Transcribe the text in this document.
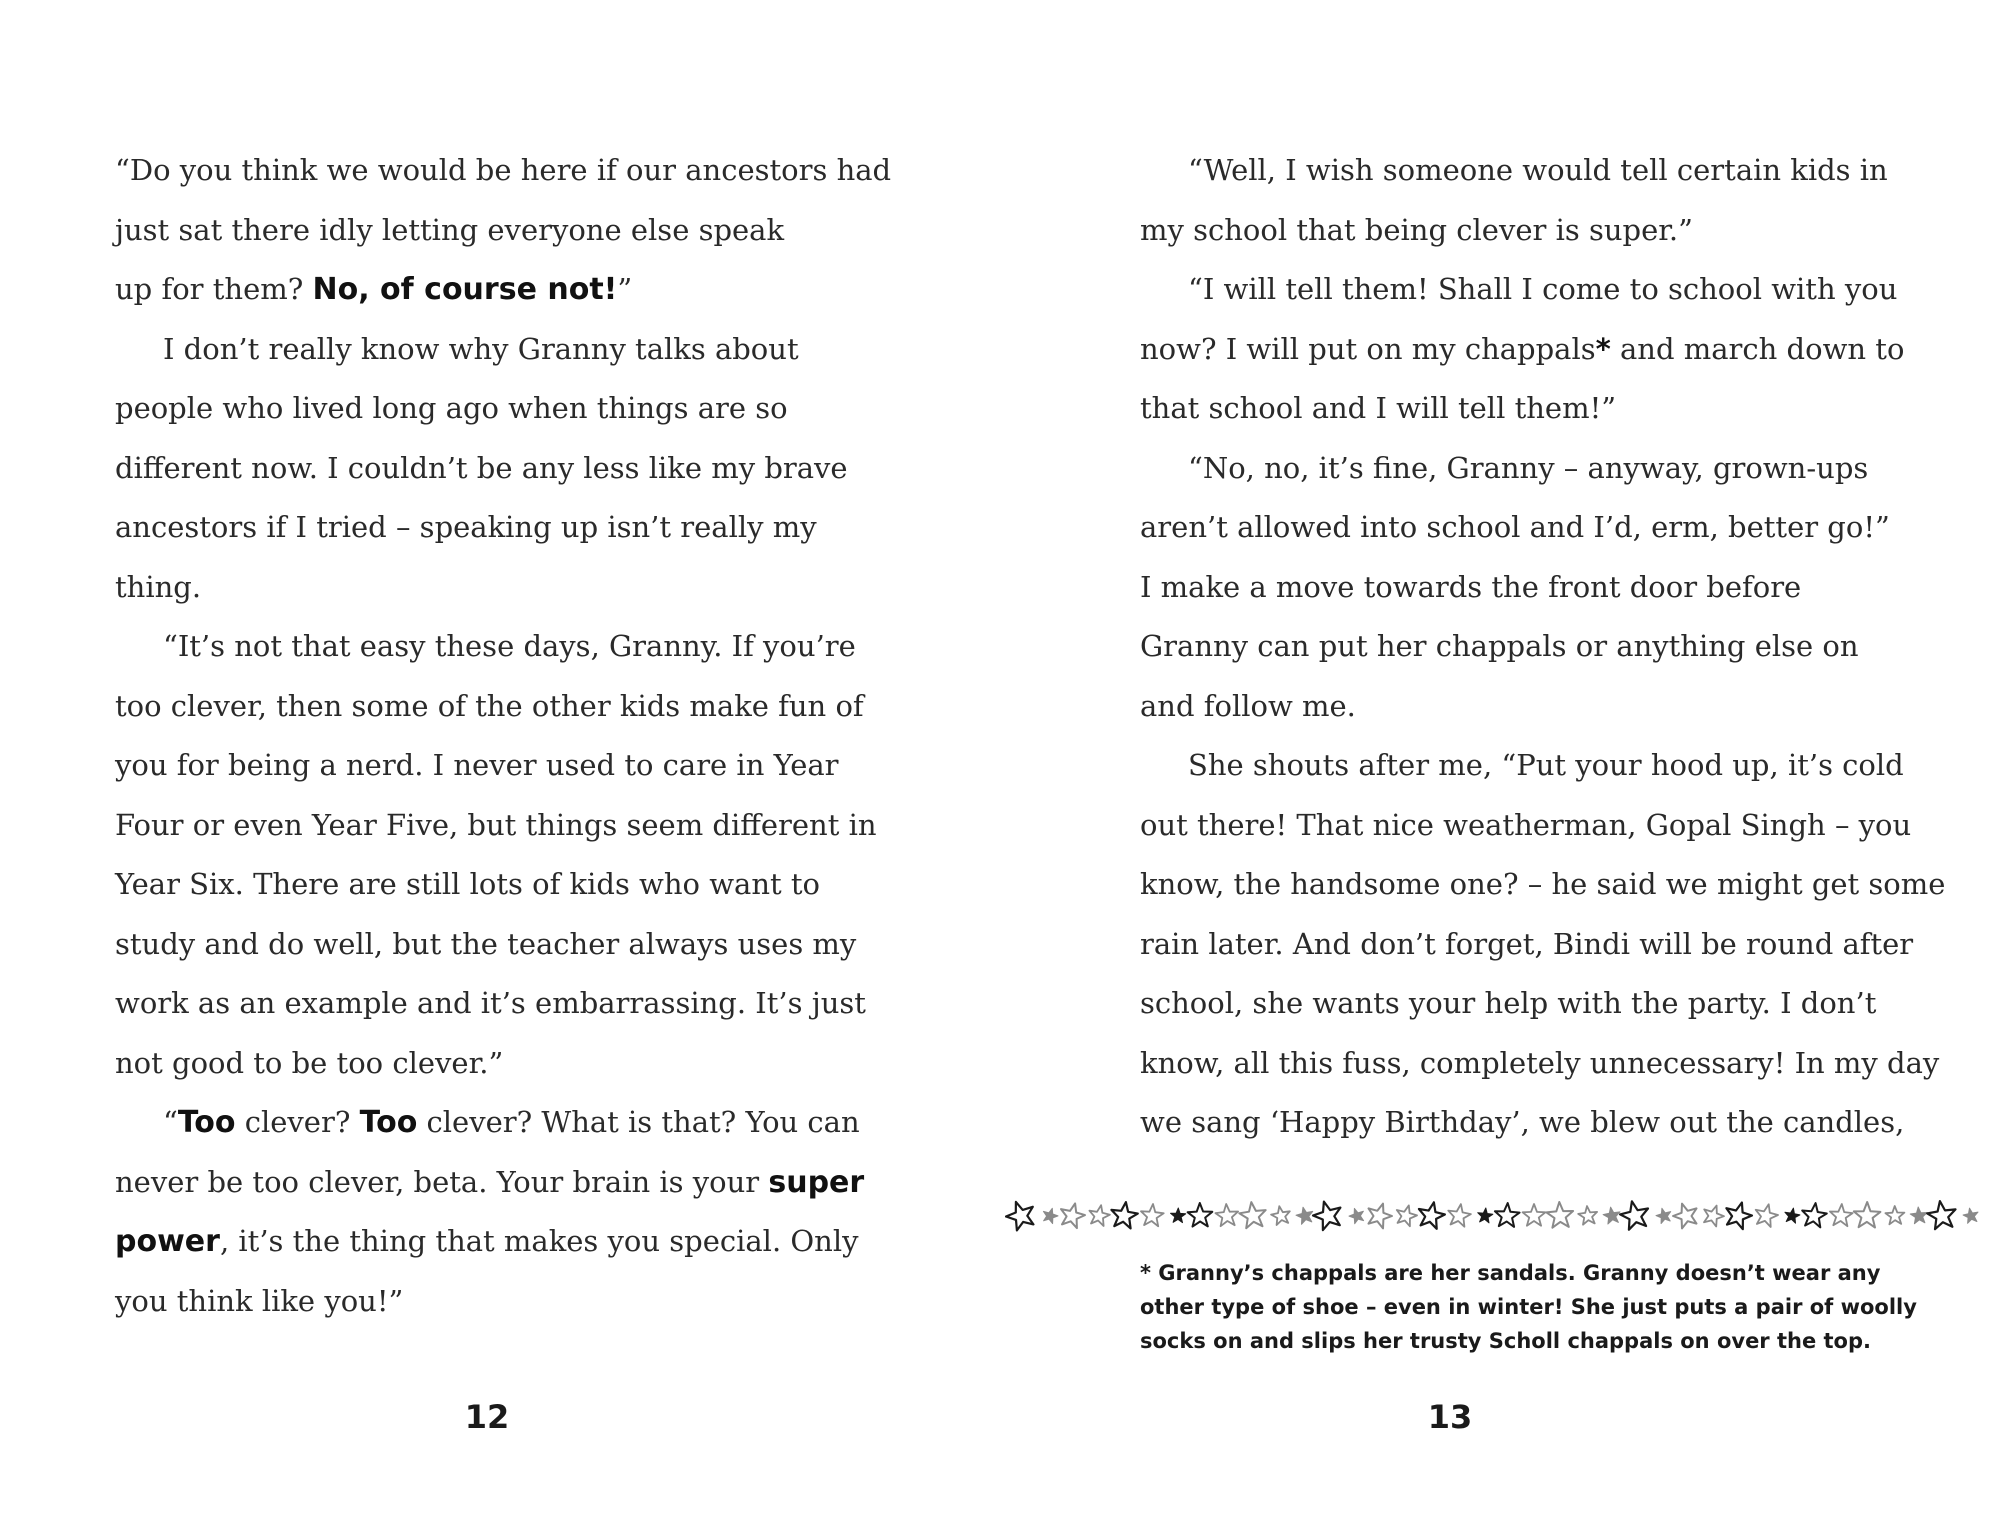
“Do you think we would be here if our ancestors had

just sat there idly letting everyone else speak

up for them? No, of course not!”

I don’t really know why Granny talks about

people who lived long ago when things are so

different now. I couldn’t be any less like my brave

ancestors if I tried – speaking up isn’t really my

thing.

“It’s not that easy these days, Granny. If you’re

too clever, then some of the other kids make fun of

you for being a nerd. I never used to care in Year

Four or even Year Five, but things seem different in

Year Six. There are still lots of kids who want to

study and do well, but the teacher always uses my

work as an example and it’s embarrassing. It’s just

not good to be too clever.”

“Too clever? Too clever? What is that? You can

never be too clever, beta. Your brain is your super

power, it’s the thing that makes you special. Only

you think like you!”

12

“Well, I wish someone would tell certain kids in

my school that being clever is super.”

“I will tell them! Shall I come to school with you

now? I will put on my chappals* and march down to

that school and I will tell them!”

“No, no, it’s fine, Granny – anyway, grown-ups

aren’t allowed into school and I’d, erm, better go!”

I make a move towards the front door before

Granny can put her chappals or anything else on

and follow me.

She shouts after me, “Put your hood up, it’s cold

out there! That nice weatherman, Gopal Singh – you

know, the handsome one? – he said we might get some

rain later. And don’t forget, Bindi will be round after

school, she wants your help with the party. I don’t

know, all this fuss, completely unnecessary! In my day

we sang ‘Happy Birthday’, we blew out the candles,

* Granny’s chappals are her sandals. Granny doesn’t wear any

other type of shoe – even in winter! She just puts a pair of woolly

socks on and slips her trusty Scholl chappals on over the top.

13
